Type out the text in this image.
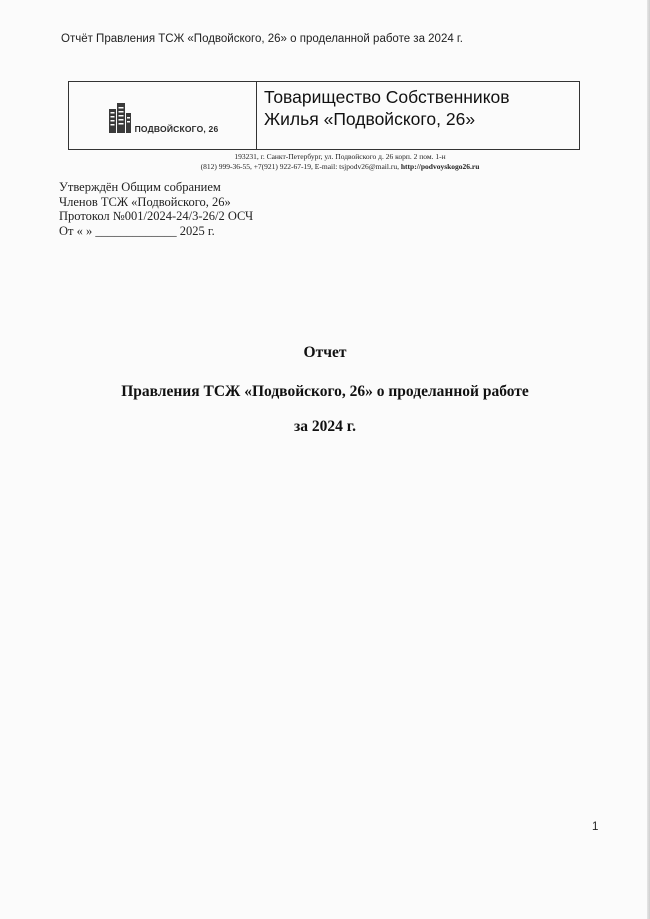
Отчёт Правления ТСЖ «Подвойского, 26» о проделанной работе за 2024 г.
ПОДВОЙСКОГО, 26
Товарищество Собственников
Жилья «Подвойского, 26»
193231, г. Санкт-Петербург, ул. Подвойского д. 26 корп. 2 пом. 1-н
(812) 999-36-55, +7(921) 922-67-19, E-mail: tsjpodv26@mail.ru, http://podvoyskogo26.ru
Утверждён Общим собранием
Членов ТСЖ «Подвойского, 26»
Протокол №001/2024-24/3-26/2 ОСЧ
От « » _____________ 2025 г.
Отчет
Правления ТСЖ «Подвойского, 26» о проделанной работе
за 2024 г.
1
